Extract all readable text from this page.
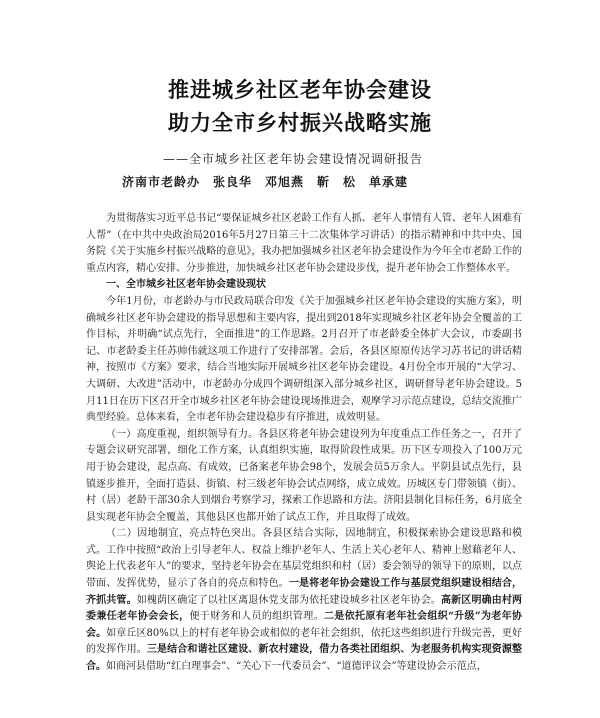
推进城乡社区老年协会建设
助力全市乡村振兴战略实施
——全市城乡社区老年协会建设情况调研报告
济南市老龄办　张良华　邓旭燕　靳　松　单承建

为贯彻落实习近平总书记“要保证城乡社区老龄工作有人抓、老年人事情有人管、老年人困难有人帮”（在中共中央政治局2016年5月27日第三十二次集体学习讲话）的指示精神和中共中央、国务院《关于实施乡村振兴战略的意见》，我办把加强城乡社区老年协会建设作为今年全市老龄工作的重点内容，精心安排、分步推进，加快城乡社区老年协会建设步伐，提升老年协会工作整体水平。

一、全市城乡社区老年协会建设现状

今年1月份，市老龄办与市民政局联合印发《关于加强城乡社区老年协会建设的实施方案》，明确城乡社区老年协会建设的指导思想和主要内容，提出到2018年实现城乡社区老年协会全覆盖的工作目标，并明确“试点先行，全面推进”的工作思路。2月召开了市老龄委全体扩大会议，市委副书记、市老龄委主任苏帅伟就这项工作进行了安排部署。会后，各县区原原传达学习苏书记的讲话精神，按照市《方案》要求，结合当地实际开展城乡社区老年协会建设。4月份全市开展的“大学习、大调研、大改进”活动中，市老龄办分成四个调研组深入部分城乡社区，调研督导老年协会建设。5月11日在历下区召开全市城乡社区老年协会建设现场推进会，观摩学习示范点建设，总结交流推广典型经验。总体来看，全市老年协会建设稳步有序推进，成效明显。

（一）高度重视，组织领导有力。各县区将老年协会建设列为年度重点工作任务之一，召开了专题会议研究部署，细化工作方案，认真组织实施，取得阶段性成果。历下区专项投入了100万元用于协会建设，起点高、有成效，已备案老年协会98个，发展会员5万余人。平阴县试点先行，县镇逐步推开，全面打造县、街镇、村三级老年协会试点网络，成立成效。历城区专门带领镇（街）、村（居）老龄干部30余人到烟台考察学习，探索工作思路和方法。济阳县制化目标任务，6月底全县实现老年协会全覆盖，其他县区也都开始了试点工作，并且取得了成效。

（二）因地制宜，亮点特色突出。各县区结合实际，因地制宜，积极探索协会建设思路和模式。工作中按照“政治上引导老年人、权益上维护老年人、生活上关心老年人、精神上慰藉老年人、舆论上代表老年人”的要求，坚持老年协会在基层党组织和村（居）委会领导的领导下的原则，以点带面、发挥优势，显示了各自的亮点和特色。一是将老年协会建设工作与基层党组织建设相结合，齐抓共管。如槐荫区确定了以社区离退休党支部为依托建设城乡社区老年协会。高新区明确由村两委兼任老年协会会长，便于财务和人员的组织管理。二是依托原有老年社会组织“升级”为老年协会。如章丘区80%以上的村有老年协会或相似的老年社会组织，依托这些组织进行升级完善，更好的发挥作用。三是结合和谐社区建设、新农村建设，借力各类社团组织、为老服务机构实现资源整合。如商河县借助“红白理事会”、“关心下一代委员会”、“道德评议会”等建设协会示范点，
